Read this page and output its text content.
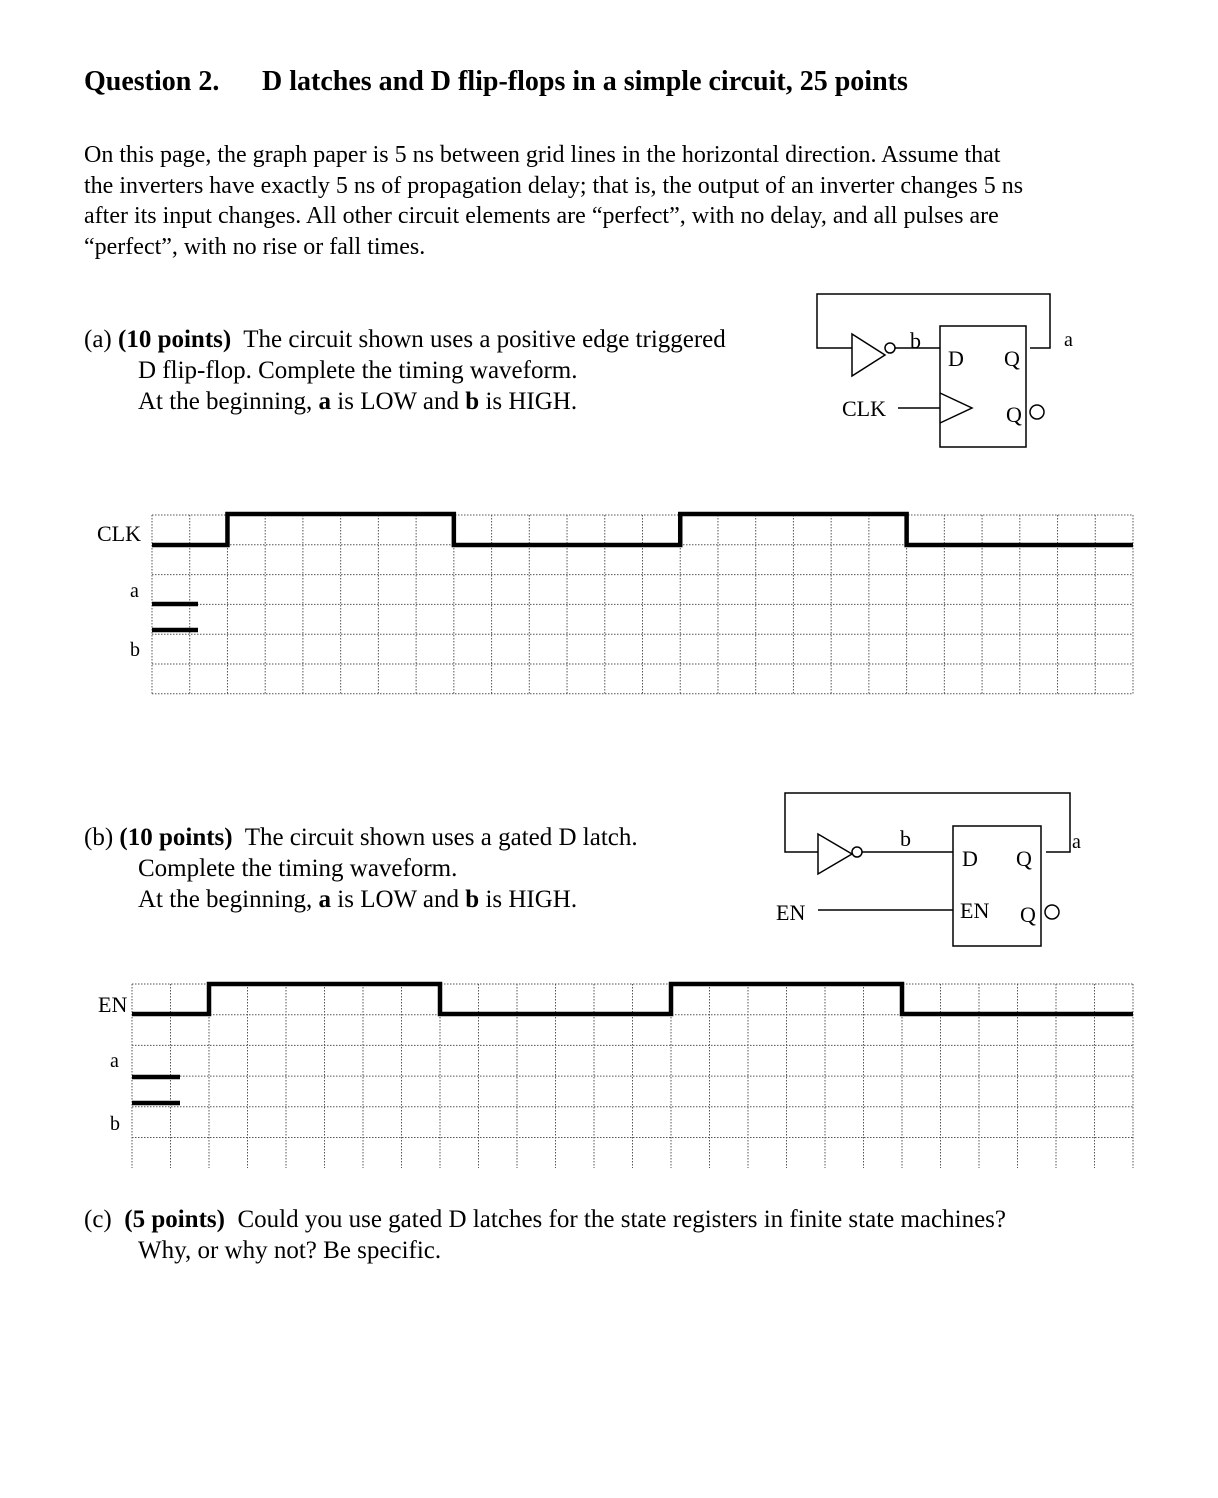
Question 2. D latches and D flip-flops in a simple circuit, 25 points

On this page, the graph paper is 5 ns between grid lines in the horizontal direction. Assume that

the inverters have exactly 5 ns of propagation delay; that is, the output of an inverter changes 5 ns

after its input changes. All other circuit elements are “perfect”, with no delay, and all pulses are

“perfect”, with no rise or fall times.

(a) (10 points) The circuit shown uses a positive edge triggered

D flip-flop. Complete the timing waveform.

At the beginning, a is LOW and b is HIGH.

b
D Q
Q
CLK
a
CLK
a
b
b
D Q
EN Q
EN
a
EN
a
b

(b) (10 points) The circuit shown uses a gated D latch.

Complete the timing waveform.

At the beginning, a is LOW and b is HIGH.

(c) (5 points) Could you use gated D latches for the state registers in finite state machines?

Why, or why not? Be specific.
